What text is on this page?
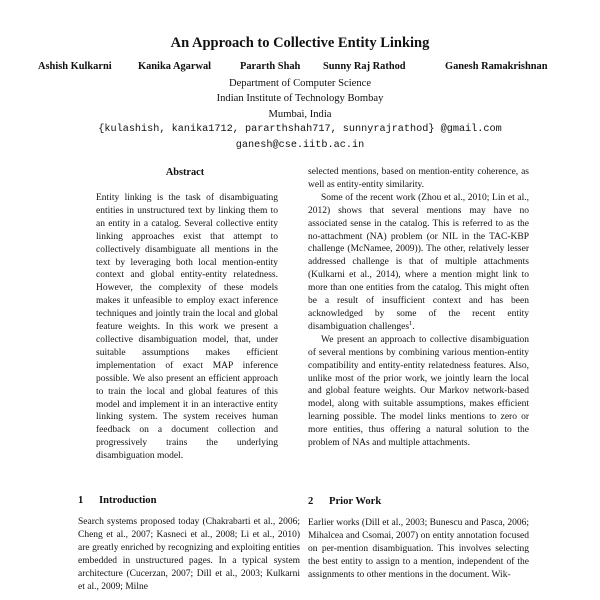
An Approach to Collective Entity Linking
Ashish Kulkarni	Kanika Agarwal	Pararth Shah Sunny Raj Rathod	Ganesh Ramakrishnan
Department of Computer Science
Indian Institute of Technology Bombay
Mumbai, India
{kulashish, kanika1712, pararthshah717, sunnyrajrathod} @gmail.com
ganesh@cse.iitb.ac.in
Abstract
Entity linking is the task of disambiguating entities in unstructured text by linking them to an entity in a catalog. Several collective entity linking approaches exist that attempt to collectively disambiguate all mentions in the text by leveraging both local mention-entity context and global entity-entity relatedness. However, the complexity of these models makes it unfeasible to employ exact inference techniques and jointly train the local and global feature weights. In this work we present a collective disambiguation model, that, under suitable assumptions makes efficient implementation of exact MAP inference possible. We also present an efficient approach to train the local and global features of this model and implement it in an interactive entity linking system. The system receives human feedback on a document collection and progressively trains the underlying disambiguation model.
1 Introduction
Search systems proposed today (Chakrabarti et al., 2006; Cheng et al., 2007; Kasneci et al., 2008; Li et al., 2010) are greatly enriched by recognizing and exploiting entities embedded in unstructured pages. In a typical system architecture (Cucerzan, 2007; Dill et al., 2003; Kulkarni et al., 2009; Milne

selected mentions, based on mention-entity coherence, as well as entity-entity similarity.

Some of the recent work (Zhou et al., 2010; Lin et al., 2012) shows that several mentions may have no associated sense in the catalog. This is referred to as the no-attachment (NA) problem (or NIL in the TAC-KBP challenge (McNamee, 2009)). The other, relatively lesser addressed challenge is that of multiple attachments (Kulkarni et al., 2014), where a mention might link to more than one entities from the catalog. This might often be a result of insufficient context and has been acknowledged by some of the recent entity disambiguation challenges$^1$.

We present an approach to collective disambiguation of several mentions by combining various mention-entity compatibility and entity-entity relatedness features. Also, unlike most of the prior work, we jointly learn the local and global feature weights. Our Markov network-based model, along with suitable assumptions, makes efficient learning possible. The model links mentions to zero or more entities, thus offering a natural solution to the problem of NAs and multiple attachments.

2 Prior Work
Earlier works (Dill et al., 2003; Bunescu and Pasca, 2006; Mihalcea and Csomai, 2007) on entity annotation focused on per-mention disambiguation. This involves selecting the best entity to assign to a mention, independent of the assignments to other mentions in the document. Wik-
